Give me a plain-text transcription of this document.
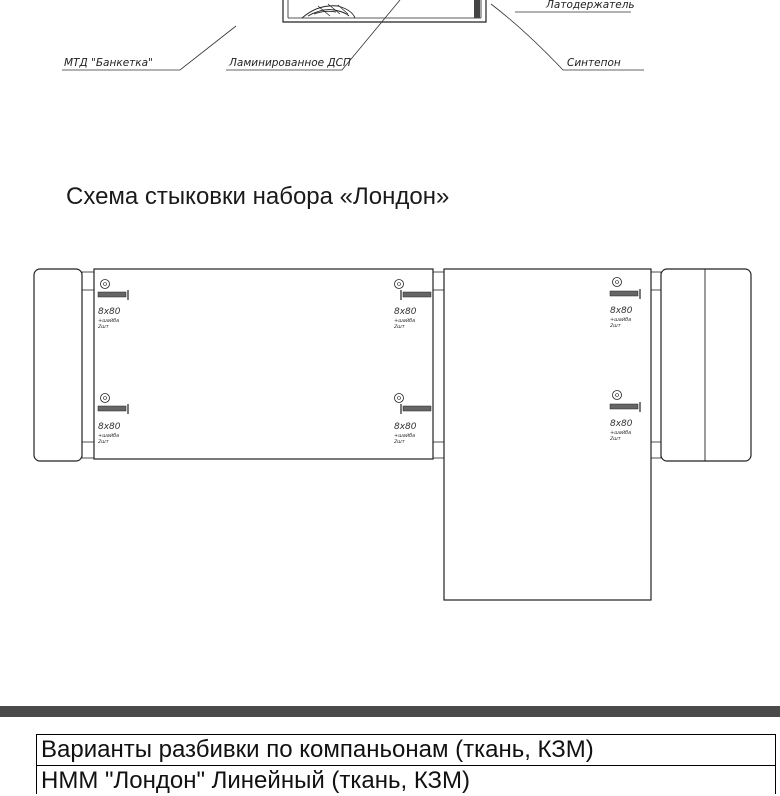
МТД "Банкетка"	Ламинированное ДСП
Латодержатель
Синтепон
8x80
+шайба
2шт
8x80
+шайба
2шт
8x80
+шайба
2шт
8x80
+шайба
2шт
8x80
+шайба
2шт
8x80
+шайба
2шт
Схема стыковки набора «Лондон»
Варианты разбивки по компаньонам (ткань, КЗМ)
НММ "Лондон" Линейный (ткань, КЗМ)
